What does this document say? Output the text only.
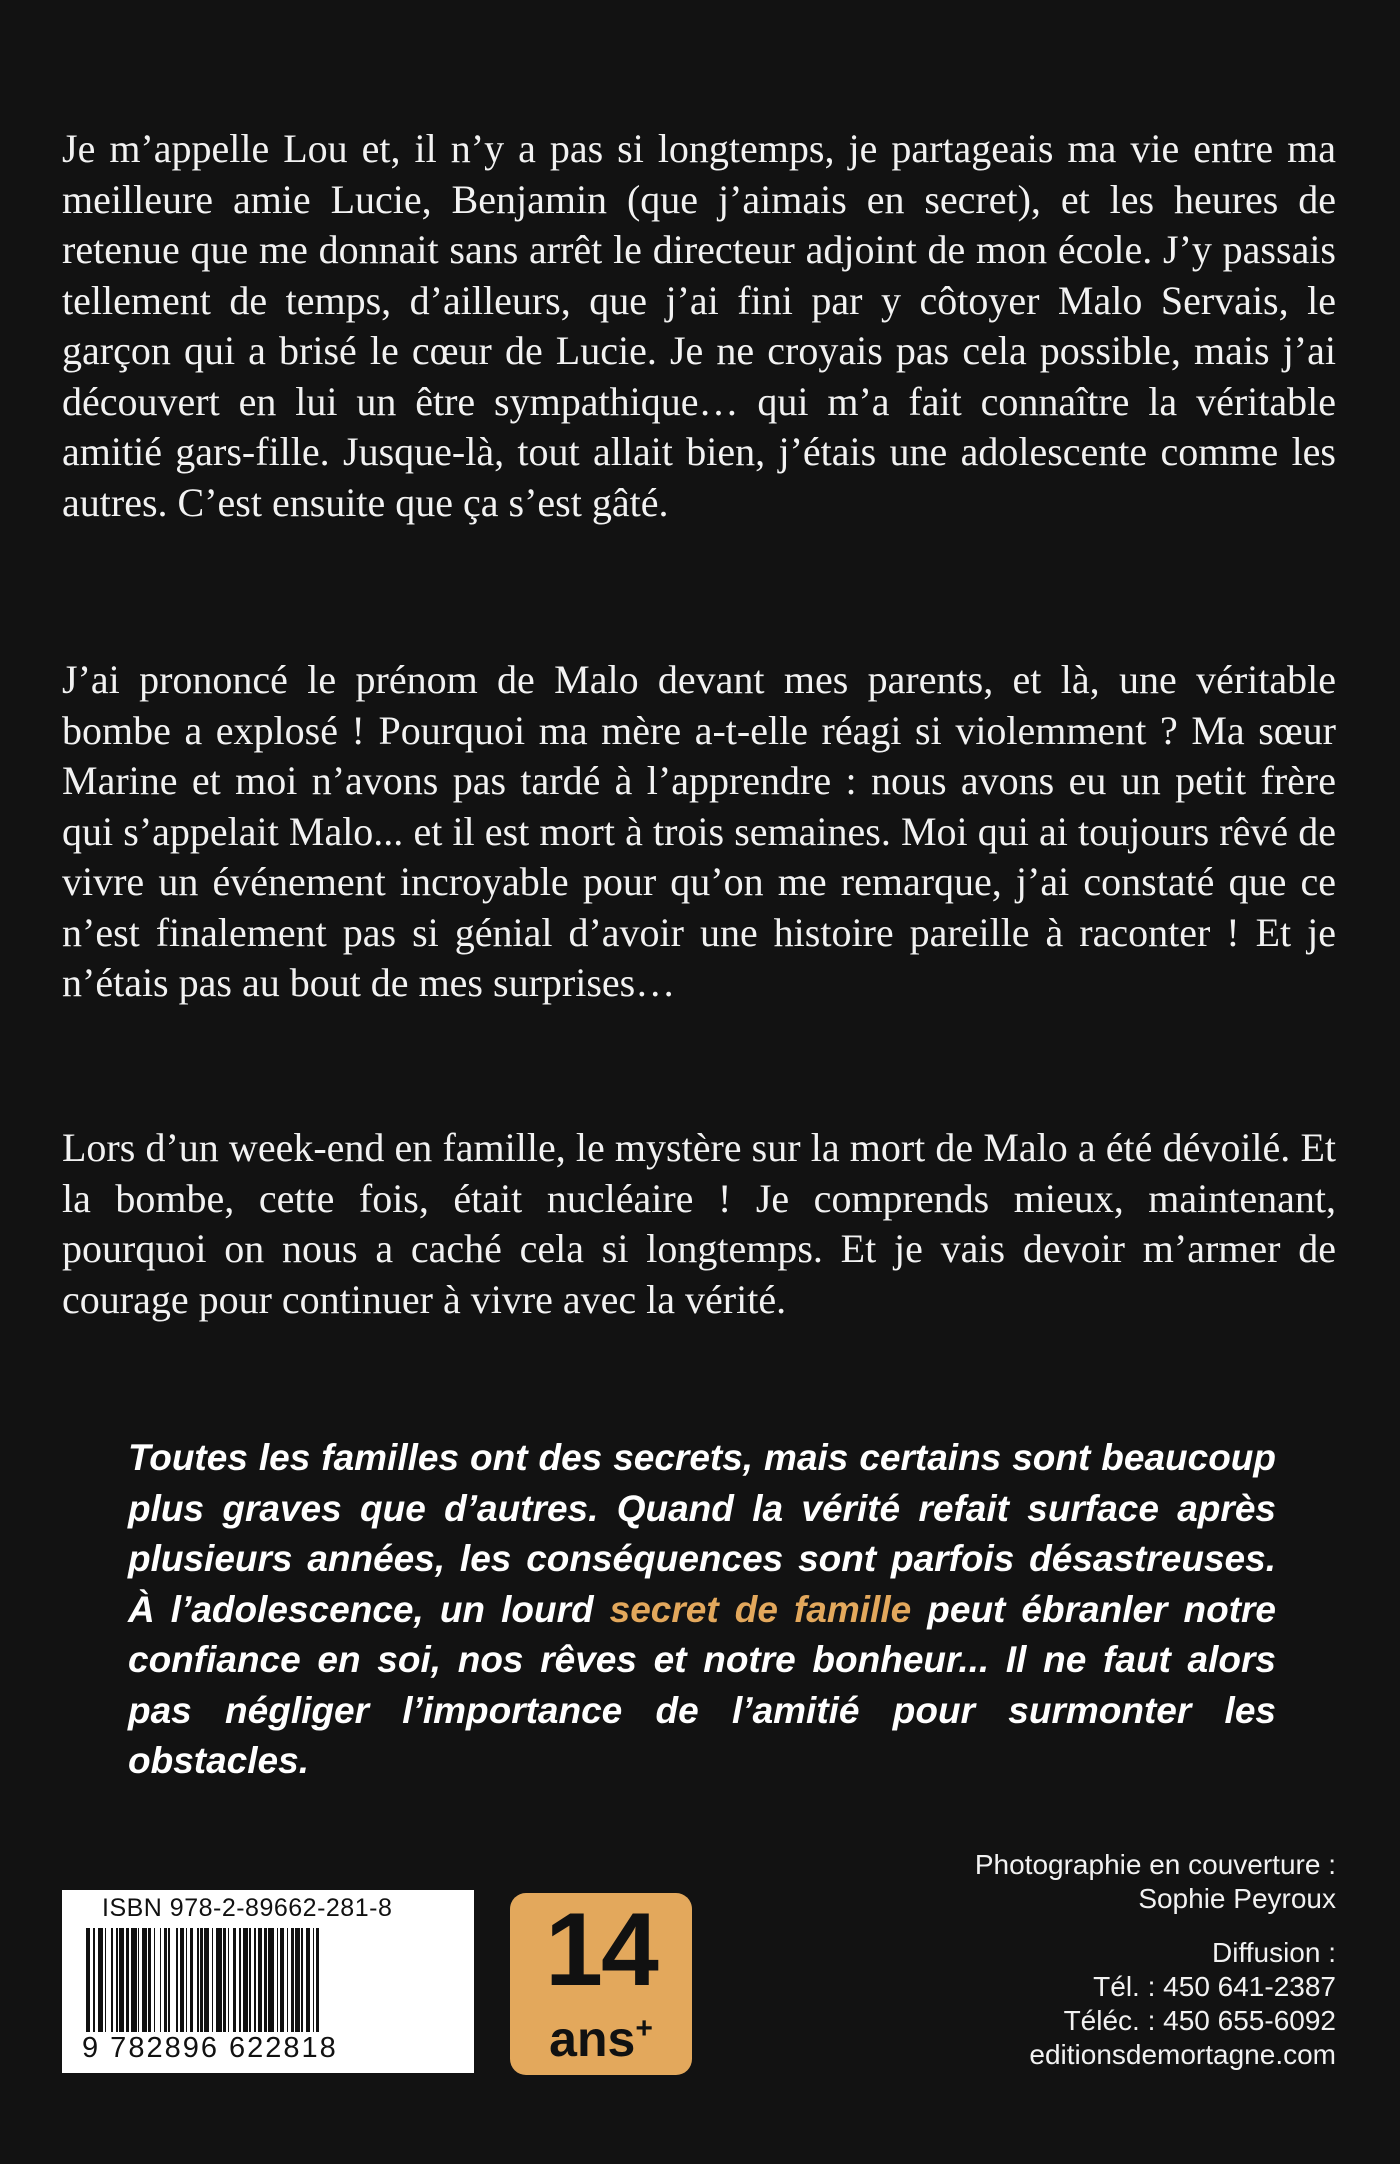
Je m’appelle Lou et, il n’y a pas si longtemps, je partageais ma vie entre ma meilleure amie Lucie, Benjamin (que j’aimais en secret), et les heures de retenue que me donnait sans arrêt le directeur adjoint de mon école. J’y passais tellement de temps, d’ailleurs, que j’ai fini par y côtoyer Malo Servais, le garçon qui a brisé le cœur de Lucie. Je ne croyais pas cela possible, mais j’ai découvert en lui un être sympathique… qui m’a fait connaître la véritable amitié gars-fille. Jusque-là, tout allait bien, j’étais une adolescente comme les autres. C’est ensuite que ça s’est gâté.

J’ai prononcé le prénom de Malo devant mes parents, et là, une véritable bombe a explosé ! Pourquoi ma mère a-t-elle réagi si violemment ? Ma sœur Marine et moi n’avons pas tardé à l’apprendre : nous avons eu un petit frère qui s’appelait Malo... et il est mort à trois semaines. Moi qui ai toujours rêvé de vivre un événement incroyable pour qu’on me remarque, j’ai constaté que ce n’est finalement pas si génial d’avoir une histoire pareille à raconter ! Et je n’étais pas au bout de mes surprises…

Lors d’un week-end en famille, le mystère sur la mort de Malo a été dévoilé. Et la bombe, cette fois, était nucléaire ! Je comprends mieux, maintenant, pourquoi on nous a caché cela si longtemps. Et je vais devoir m’armer de courage pour continuer à vivre avec la vérité.

Toutes les familles ont des secrets, mais certains sont beaucoup plus graves que d’autres. Quand la vérité refait surface après plusieurs années, les conséquences sont parfois désastreuses. À l’adolescence, un lourd secret de famille peut ébranler notre confiance en soi, nos rêves et notre bonheur... Il ne faut alors pas négliger l’importance de l’amitié pour surmonter les obstacles.

ISBN 978-2-89662-281-8
9 782896 622818
14
ans+
Photographie en couverture :
Sophie Peyroux
Diffusion :
Tél. : 450 641-2387
Téléc. : 450 655-6092
editionsdemortagne.com
